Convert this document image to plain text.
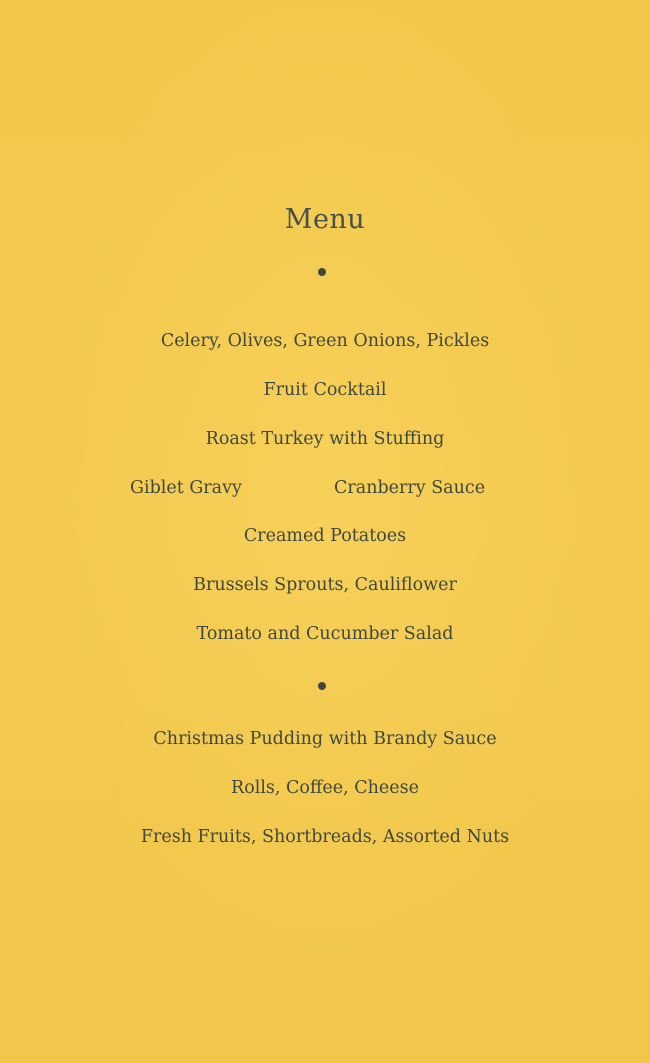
Menu
Celery, Olives, Green Onions, Pickles
Fruit Cocktail
Roast Turkey with Stuffing
Giblet Gravy	Cranberry Sauce
Creamed Potatoes
Brussels Sprouts, Cauliflower
Tomato and Cucumber Salad
Christmas Pudding with Brandy Sauce
Rolls, Coffee, Cheese
Fresh Fruits, Shortbreads, Assorted Nuts
